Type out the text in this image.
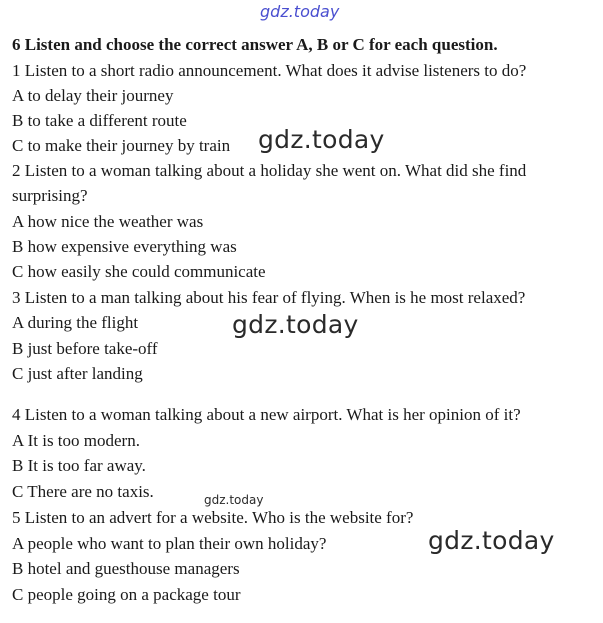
gdz.today
6 Listen and choose the correct answer A, B or C for each question.
1 Listen to a short radio announcement. What does it advise listeners to do?
A to delay their journey
B to take a different route
C to make their journey by train gdz.today
2 Listen to a woman talking about a holiday she went on. What did she find
surprising?
A how nice the weather was
B how expensive everything was
C how easily she could communicate
3 Listen to a man talking about his fear of flying. When is he most relaxed?
A during the flight	gdz.today
B just before take-off
C just after landing
4 Listen to a woman talking about a new airport. What is her opinion of it?
A It is too modern.
B It is too far away.
C There are no taxis.	gdz.today
5 Listen to an advert for a website. Who is the website for?
A people who want to plan their own holiday?	gdz.today
B hotel and guesthouse managers
C people going on a package tour
